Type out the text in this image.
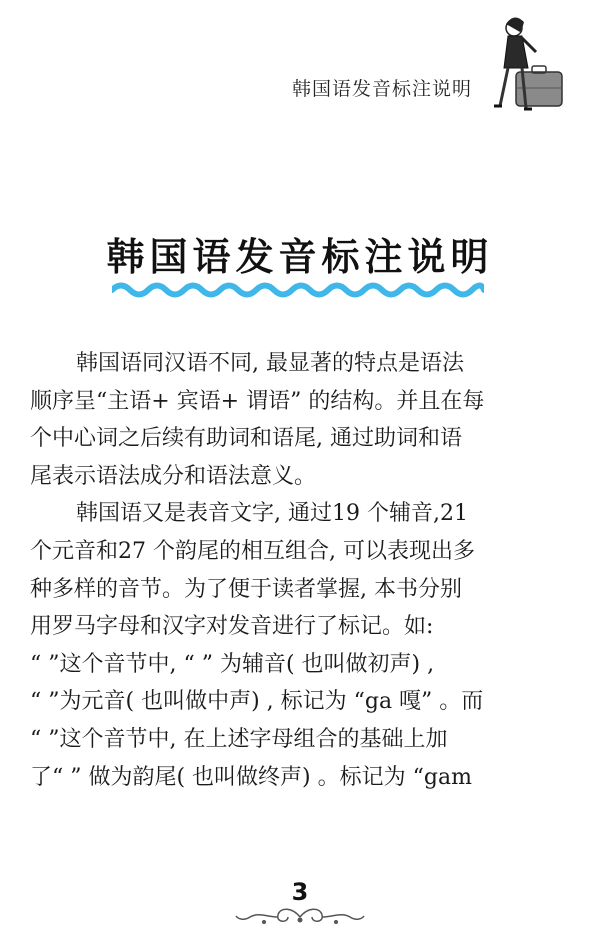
韩国语发音标注说明
韩国语发音标注说明

韩国语同汉语不同, 最显著的特点是语法
顺序呈“主语+ 宾语+ 谓语” 的结构。并且在每
个中心词之后续有助词和语尾, 通过助词和语
尾表示语法成分和语法意义。

韩国语又是表音文字, 通过19 个辅音,21
个元音和27 个韵尾的相互组合, 可以表现出多
种多样的音节。为了便于读者掌握, 本书分别
用罗马字母和汉字对发音进行了标记。如:
“ ”这个音节中, “ ” 为辅音( 也叫做初声) ,
“ ”为元音( 也叫做中声) , 标记为 “ga 嘎” 。而
“ ”这个音节中, 在上述字母组合的基础上加
了“ ” 做为韵尾( 也叫做终声) 。标记为 “gam

3
